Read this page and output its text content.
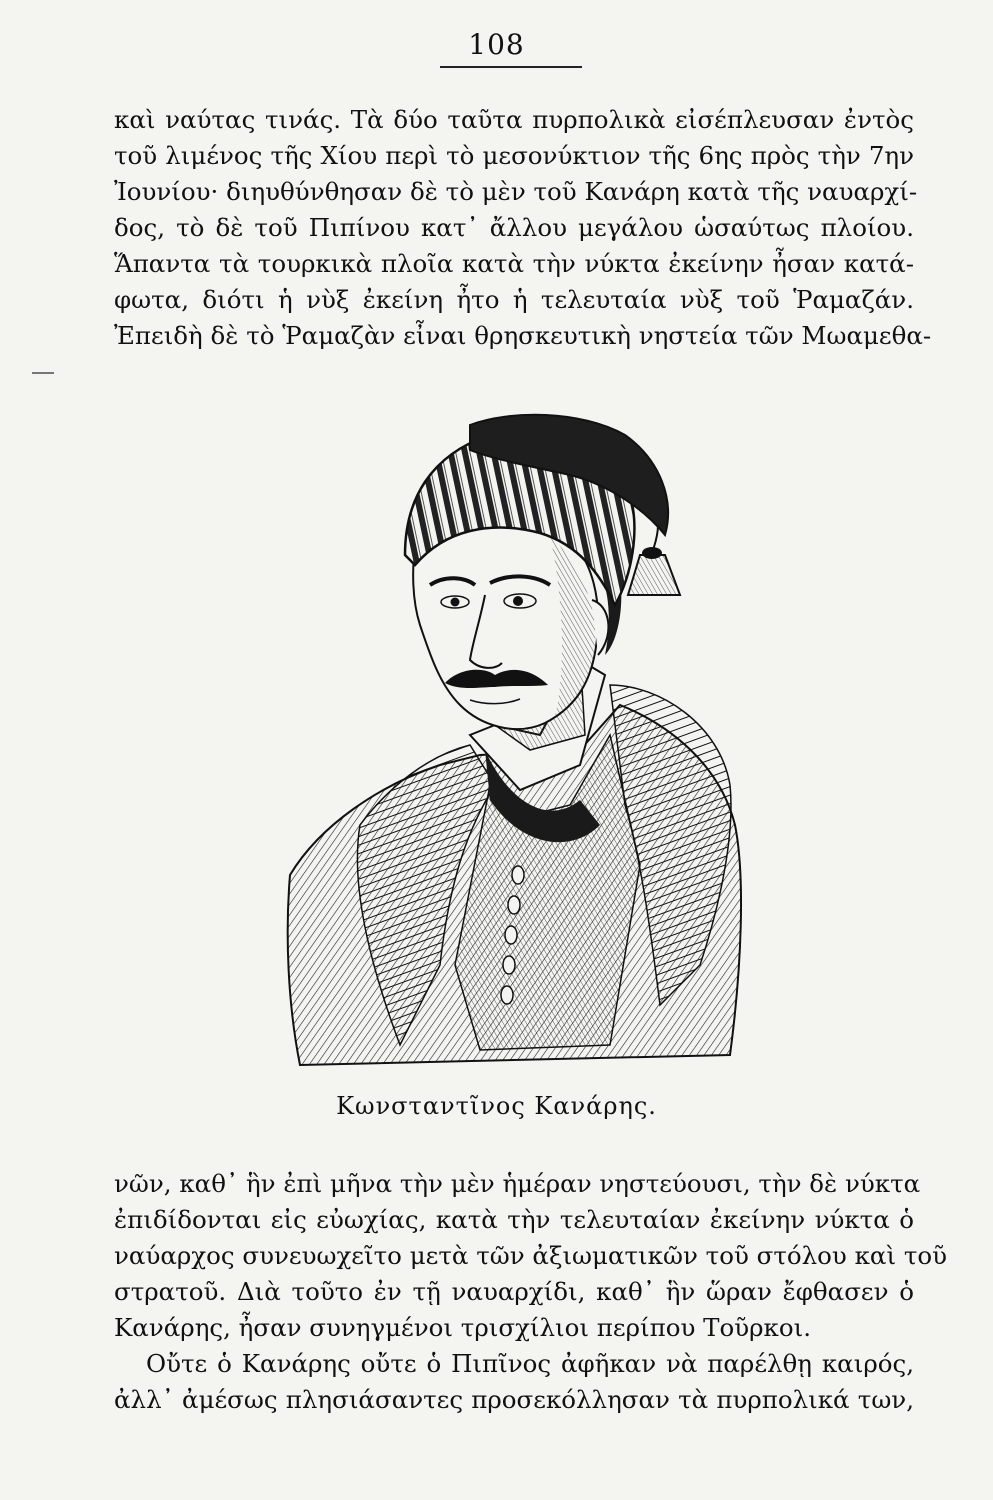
108
καὶ ναύτας τινάς. Τὰ δύο ταῦτα πυρπολικὰ εἰσέπλευσαν ἐντὸς
τοῦ λιμένος τῆς Χίου περὶ τὸ μεσονύκτιον τῆς 6ης πρὸς τὴν 7ην
Ἰουνίου· διηυθύνθησαν δὲ τὸ μὲν τοῦ Κανάρη κατὰ τῆς ναυαρχί-
δος, τὸ δὲ τοῦ Πιπίνου κατ᾽ ἄλλου μεγάλου ὡσαύτως πλοίου.
Ἅπαντα τὰ τουρκικὰ πλοῖα κατὰ τὴν νύκτα ἐκείνην ἦσαν κατά-
φωτα, διότι ἡ νὺξ ἐκείνη ἦτο ἡ τελευταία νὺξ τοῦ Ῥαμαζάν.
Ἐπειδὴ δὲ τὸ Ῥαμαζὰν εἶναι θρησκευτικὴ νηστεία τῶν Μωαμεθα-
Κωνσταντῖνος Κανάρης.
νῶν, καθ᾽ ἣν ἐπὶ μῆνα τὴν μὲν ἡμέραν νηστεύουσι, τὴν δὲ νύκτα
ἐπιδίδονται εἰς εὐωχίας, κατὰ τὴν τελευταίαν ἐκείνην νύκτα ὁ
ναύαρχος συνευωχεῖτο μετὰ τῶν ἀξιωματικῶν τοῦ στόλου καὶ τοῦ
στρατοῦ. Διὰ τοῦτο ἐν τῇ ναυαρχίδι, καθ᾽ ἣν ὥραν ἔφθασεν ὁ
Κανάρης, ἦσαν συνηγμένοι τρισχίλιοι περίπου Τοῦρκοι.
Οὔτε ὁ Κανάρης οὔτε ὁ Πιπῖνος ἀφῆκαν νὰ παρέλθῃ καιρός,
ἀλλ᾽ ἀμέσως πλησιάσαντες προσεκόλλησαν τὰ πυρπολικά των,
